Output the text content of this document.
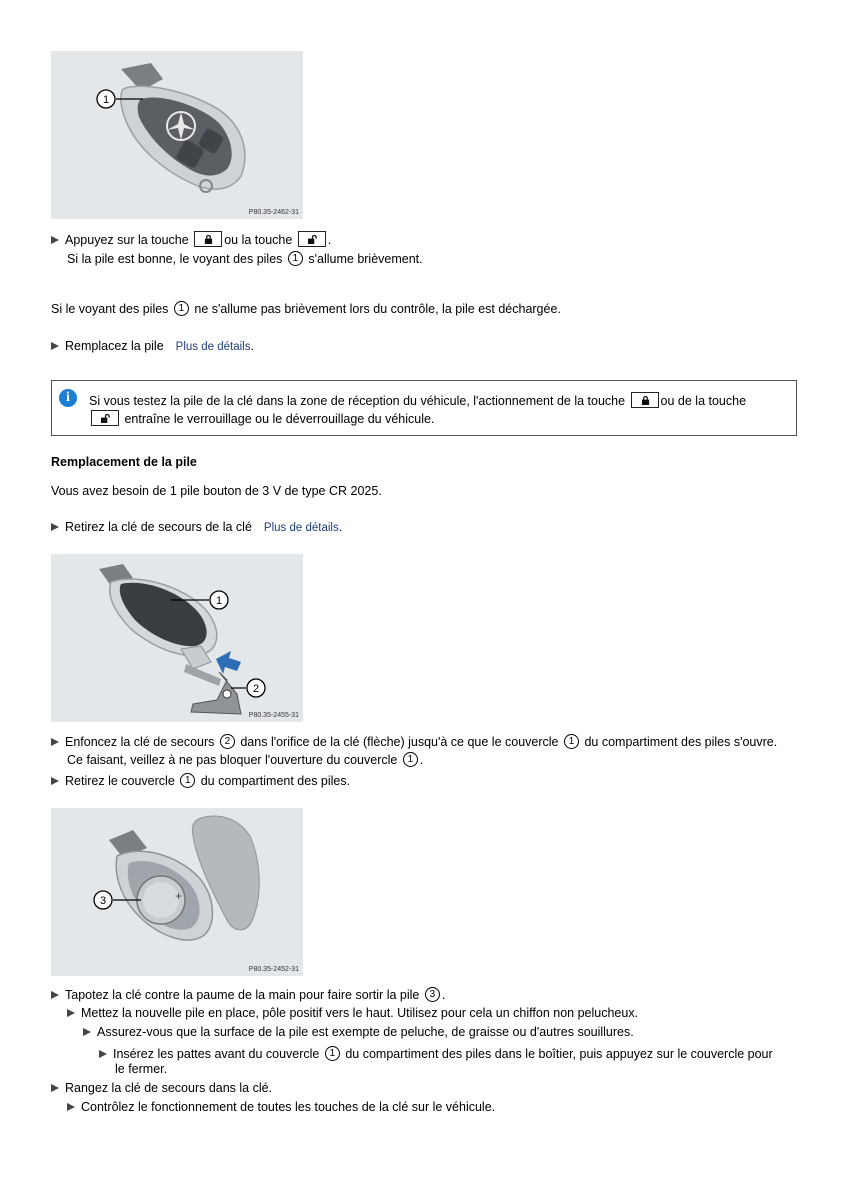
1
P80.35-2462-31
Appuyez sur la touche	ou la touche	.
Si la pile est bonne, le voyant des piles 1 s'allume brièvement.
Si le voyant des piles 1 ne s'allume pas brièvement lors du contrôle, la pile est déchargée.
Remplacez la pile Plus de détails.
i	Si vous testez la pile de la clé dans la zone de réception du véhicule, l'actionnement de la touche	ou de la touche
entraîne le verrouillage ou le déverrouillage du véhicule.
Remplacement de la pile
Vous avez besoin de 1 pile bouton de 3 V de type CR 2025.
Retirez la clé de secours de la clé Plus de détails.
1
2
P80.35-2455-31
Enfoncez la clé de secours 2 dans l'orifice de la clé (flèche) jusqu'à ce que le couvercle 1 du compartiment des piles s'ouvre.
Ce faisant, veillez à ne pas bloquer l'ouverture du couvercle 1 .
Retirez le couvercle 1 du compartiment des piles.
+
3
P80.35-2452-31
Tapotez la clé contre la paume de la main pour faire sortir la pile 3 .
Mettez la nouvelle pile en place, pôle positif vers le haut. Utilisez pour cela un chiffon non pelucheux.
Assurez-vous que la surface de la pile est exempte de peluche, de graisse ou d'autres souillures.
Insérez les pattes avant du couvercle 1 du compartiment des piles dans le boîtier, puis appuyez sur le couvercle pour
le fermer.
Rangez la clé de secours dans la clé.
Contrôlez le fonctionnement de toutes les touches de la clé sur le véhicule.
